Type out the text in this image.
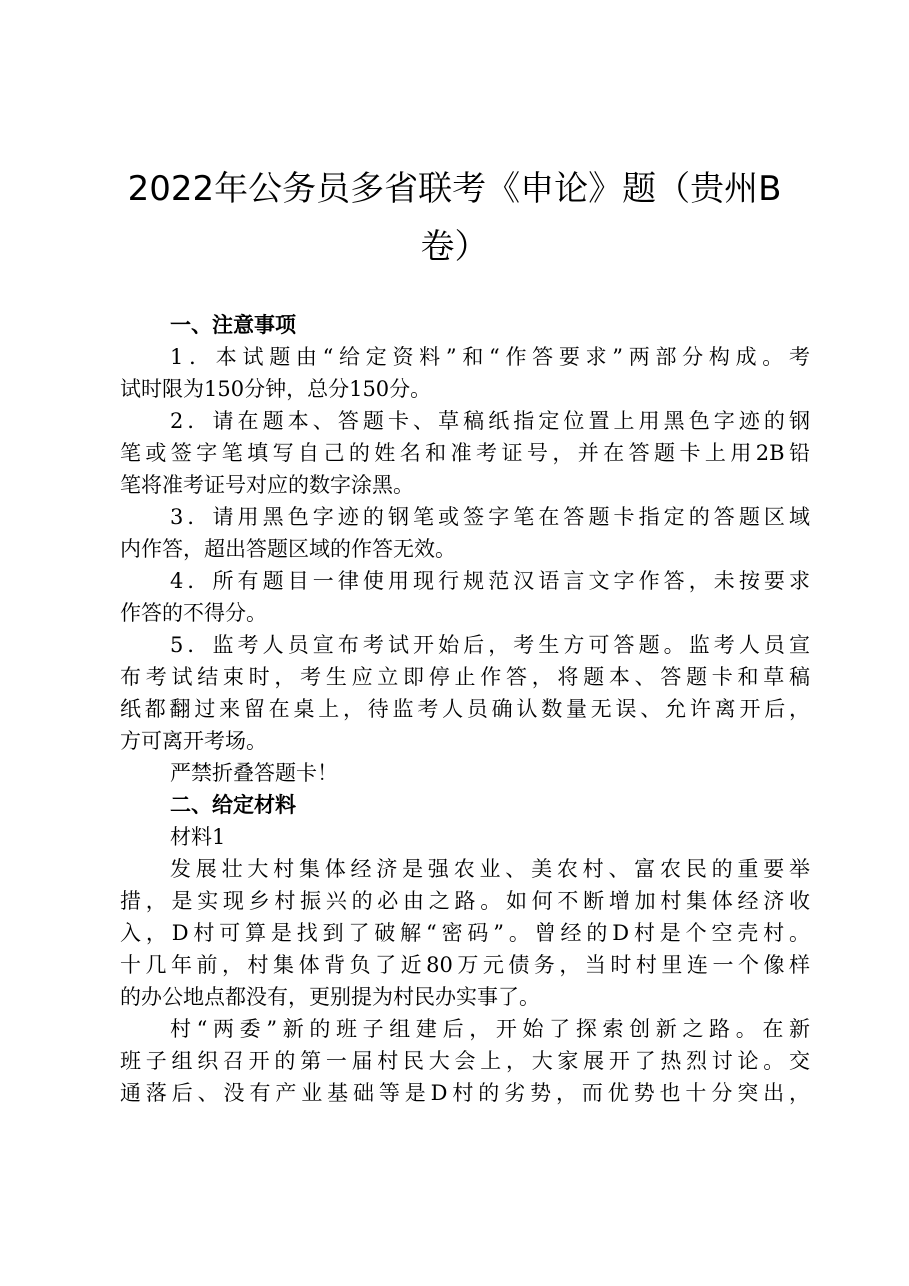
2022年公务员多省联考《申论》题（贵州B
卷）
一、注意事项
1．本试题由“给定资料”和“作答要求”两部分构成。考
试时限为150分钟，总分150分。
2．请在题本、答题卡、草稿纸指定位置上用黑色字迹的钢
笔或签字笔填写自己的姓名和准考证号，并在答题卡上用2B铅
笔将准考证号对应的数字涂黑。
3．请用黑色字迹的钢笔或签字笔在答题卡指定的答题区域
内作答，超出答题区域的作答无效。
4．所有题目一律使用现行规范汉语言文字作答，未按要求
作答的不得分。
5．监考人员宣布考试开始后，考生方可答题。监考人员宣
布考试结束时，考生应立即停止作答，将题本、答题卡和草稿
纸都翻过来留在桌上，待监考人员确认数量无误、允许离开后，
方可离开考场。
严禁折叠答题卡！
二、给定材料
材料1
发展壮大村集体经济是强农业、美农村、富农民的重要举
措，是实现乡村振兴的必由之路。如何不断增加村集体经济收
入，D村可算是找到了破解“密码”。曾经的D村是个空壳村。
十几年前，村集体背负了近80万元债务，当时村里连一个像样
的办公地点都没有，更别提为村民办实事了。
村“两委”新的班子组建后，开始了探索创新之路。在新
班子组织召开的第一届村民大会上，大家展开了热烈讨论。交
通落后、没有产业基础等是D村的劣势，而优势也十分突出，
